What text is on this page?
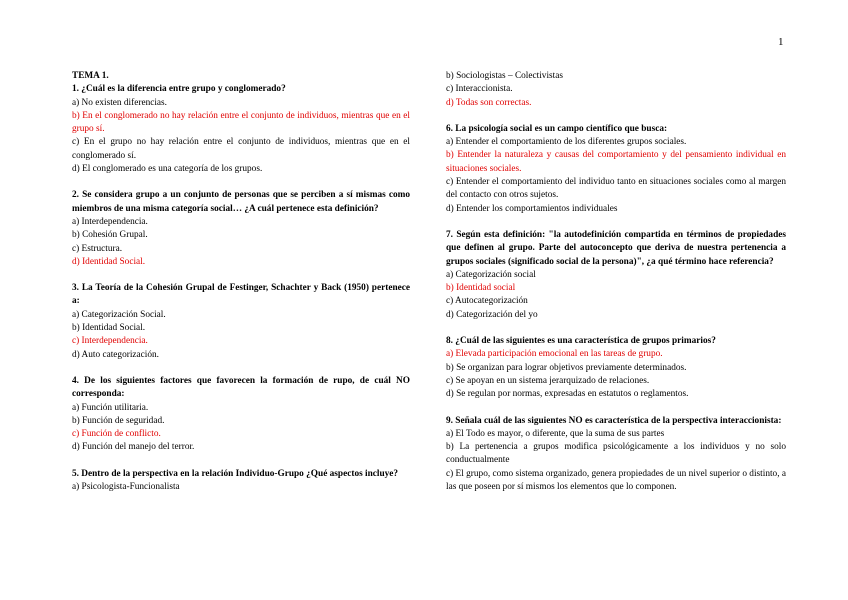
1
TEMA 1.
1. ¿Cuál es la diferencia entre grupo y conglomerado?
a) No existen diferencias.
b) En el conglomerado no hay relación entre el conjunto de individuos, mientras que en el grupo sí.
c) En el grupo no hay relación entre el conjunto de individuos, mientras que en el conglomerado sí.
d) El conglomerado es una categoría de los grupos.
2. Se considera grupo a un conjunto de personas que se perciben a sí mismas como miembros de una misma categoría social… ¿A cuál pertenece esta definición?
a) Interdependencia.
b) Cohesión Grupal.
c) Estructura.
d) Identidad Social.
3. La Teoría de la Cohesión Grupal de Festinger, Schachter y Back (1950) pertenece a:
a) Categorización Social.
b) Identidad Social.
c) Interdependencia.
d) Auto categorización.
4. De los siguientes factores que favorecen la formación de rupo, de cuál NO corresponda:
a) Función utilitaria.
b) Función de seguridad.
c) Función de conflicto.
d) Función del manejo del terror.
5. Dentro de la perspectiva en la relación Individuo-Grupo ¿Qué aspectos incluye?
a) Psicologista-Funcionalista
b) Sociologistas – Colectivistas
c) Interaccionista.
d) Todas son correctas.
6. La psicología social es un campo científico que busca:
a) Entender el comportamiento de los diferentes grupos sociales.
b) Entender la naturaleza y causas del comportamiento y del pensamiento individual en situaciones sociales.
c) Entender el comportamiento del individuo tanto en situaciones sociales como al margen del contacto con otros sujetos.
d) Entender los comportamientos individuales
7. Según esta definición: "la autodefinición compartida en términos de propiedades que definen al grupo. Parte del autoconcepto que deriva de nuestra pertenencia a grupos sociales (significado social de la persona)", ¿a qué término hace referencia?
a) Categorización social
b) Identidad social
c) Autocategorización
d) Categorización del yo
8. ¿Cuál de las siguientes es una característica de grupos primarios?
a) Elevada participación emocional en las tareas de grupo.
b) Se organizan para lograr objetivos previamente determinados.
c) Se apoyan en un sistema jerarquizado de relaciones.
d) Se regulan por normas, expresadas en estatutos o reglamentos.
9. Señala cuál de las siguientes NO es característica de la perspectiva interaccionista:
a) El Todo es mayor, o diferente, que la suma de sus partes
b) La pertenencia a grupos modifica psicológicamente a los individuos y no solo conductualmente
c) El grupo, como sistema organizado, genera propiedades de un nivel superior o distinto, a las que poseen por sí mismos los elementos que lo componen.
